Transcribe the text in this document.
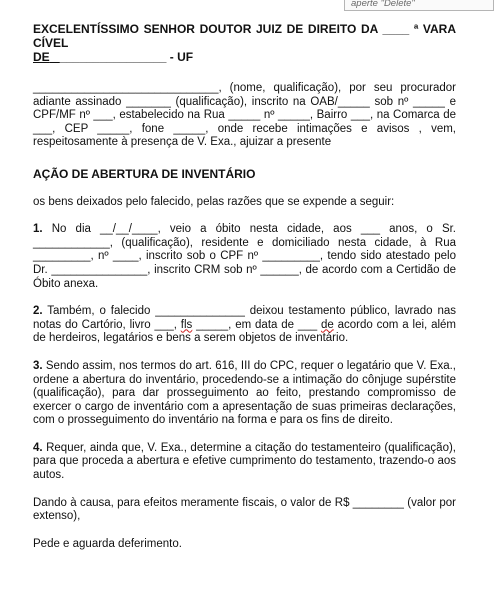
aperte "Delete"

EXCELENTÍSSIMO SENHOR DOUTOR JUIZ DE DIREITO DA ____ ª VARA CÍVEL
DE _________________ - UF

_____________________________, (nome, qualificação), por seu procurador adiante assinado _______ (qualificação), inscrito na OAB/_____ sob nº _____ e CPF/MF nº ___, estabelecido na Rua _____ nº _____, Bairro ___, na Comarca de ___, CEP _____, fone _____, onde recebe intimações e avisos , vem, respeitosamente à presença de V. Exa., ajuizar a presente

AÇÃO DE ABERTURA DE INVENTÁRIO

os bens deixados pelo falecido, pelas razões que se expende a seguir:

1. No dia __/__/____, veio a óbito nesta cidade, aos ___ anos, o Sr. ____________, (qualificação), residente e domiciliado nesta cidade, à Rua _________, nº ____, inscrito sob o CPF nº _________, tendo sido atestado pelo Dr. _______________, inscrito CRM sob nº ______, de acordo com a Certidão de Óbito anexa.

2. Também, o falecido ______________ deixou testamento público, lavrado nas notas do Cartório, livro ___, fls _____, em data de ___ de acordo com a lei, além de herdeiros, legatários e bens a serem objetos de inventário.

3. Sendo assim, nos termos do art. 616, III do CPC, requer o legatário que V. Exa., ordene a abertura do inventário, procedendo-se a intimação do cônjuge supérstite (qualificação), para dar prosseguimento ao feito, prestando compromisso de exercer o cargo de inventário com a apresentação de suas primeiras declarações, com o prosseguimento do inventário na forma e para os fins de direito.

4. Requer, ainda que, V. Exa., determine a citação do testamenteiro (qualificação), para que proceda a abertura e efetive cumprimento do testamento, trazendo-o aos autos.

Dando à causa, para efeitos meramente fiscais, o valor de R$ ________ (valor por extenso),

Pede e aguarda deferimento.
